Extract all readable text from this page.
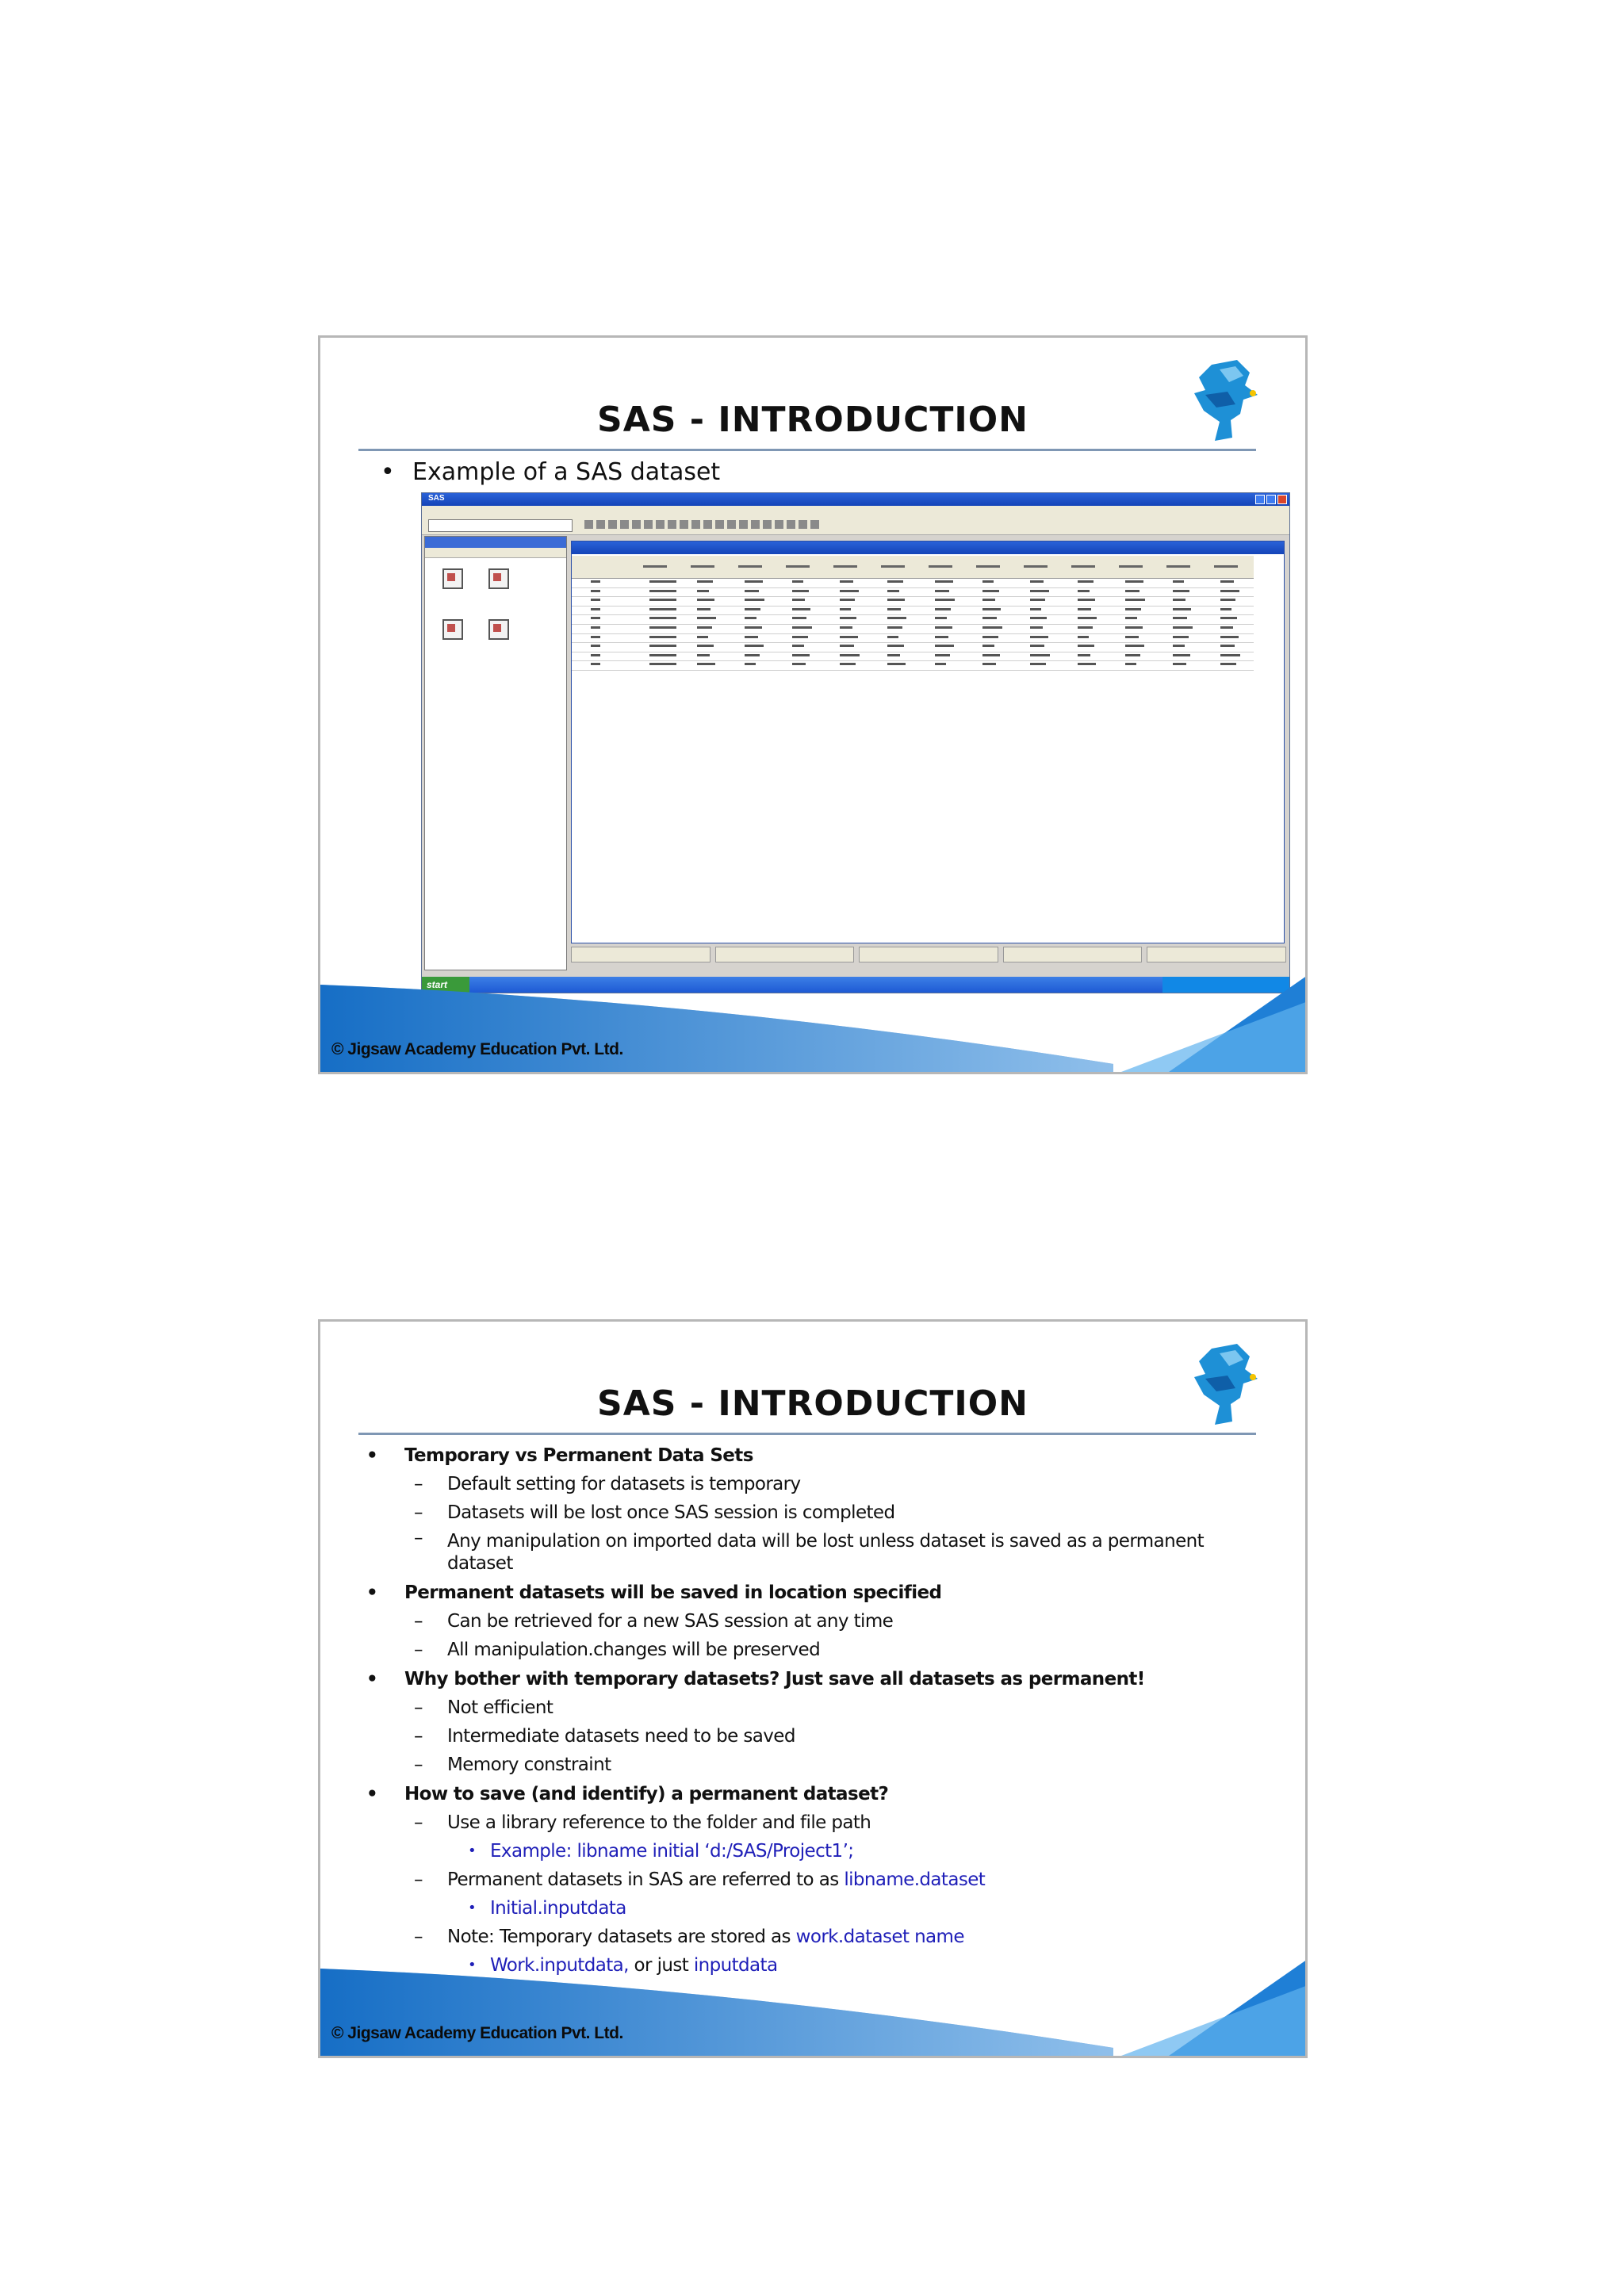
SAS - INTRODUCTION
• Example of a SAS dataset
SAS
start
© Jigsaw Academy Education Pvt. Ltd.
SAS - INTRODUCTION
• Temporary vs Permanent Data Sets
– Default setting for datasets is temporary
– Datasets will be lost once SAS session is completed
– Any manipulation on imported data will be lost unless dataset is saved as a permanent dataset
• Permanent datasets will be saved in location specified
– Can be retrieved for a new SAS session at any time
– All manipulation.changes will be preserved
• Why bother with temporary datasets? Just save all datasets as permanent!
– Not efficient
– Intermediate datasets need to be saved
– Memory constraint
• How to save (and identify) a permanent dataset?
– Use a library reference to the folder and file path
• Example: libname initial ‘d:/SAS/Project1’;
– Permanent datasets in SAS are referred to as libname.dataset
• Initial.inputdata
– Note: Temporary datasets are stored as work.dataset name
• Work.inputdata, or just inputdata
© Jigsaw Academy Education Pvt. Ltd.
